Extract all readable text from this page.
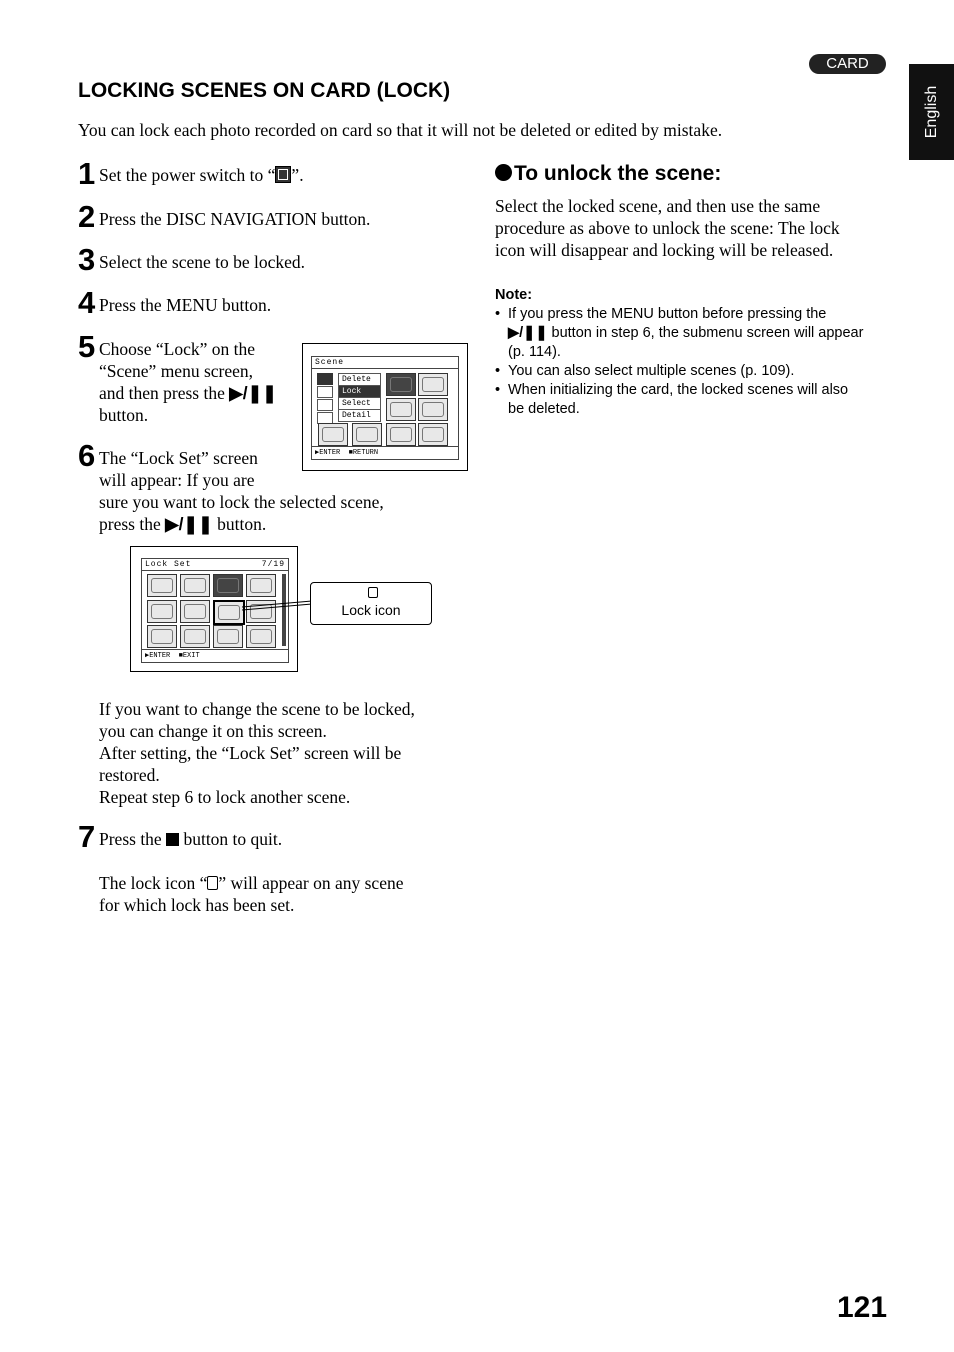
CARD
English
LOCKING SCENES ON CARD (LOCK)
You can lock each photo recorded on card so that it will not be deleted or edited by mistake.
1 Set the power switch to “ ”.
2 Press the DISC NAVIGATION button.
3 Select the scene to be locked.
4 Press the MENU button.
5 Choose “Lock” on the
“Scene” menu screen,
and then press the ▶/❚❚
button.
Scene
Delete
Lock
Select
Detail
▶ENTER  ■RETURN
6 The “Lock Set” screen
will appear: If you are
sure you want to lock the selected scene,
press the ▶/❚❚ button.
Lock Set	7/19
▶ENTER  ■EXIT
Lock icon
If you want to change the scene to be locked,
you can change it on this screen.
After setting, the “Lock Set” screen will be
restored.
Repeat step 6 to lock another scene.
7 Press the  button to quit.
The lock icon “ ” will appear on any scene
for which lock has been set.
To unlock the scene:
Select the locked scene, and then use the same
procedure as above to unlock the scene: The lock
icon will disappear and locking will be released.
Note:
• If you press the MENU button before pressing the
▶/❚❚ button in step 6, the submenu screen will appear
(p. 114).
• You can also select multiple scenes (p. 109).
• When initializing the card, the locked scenes will also
be deleted.
121
